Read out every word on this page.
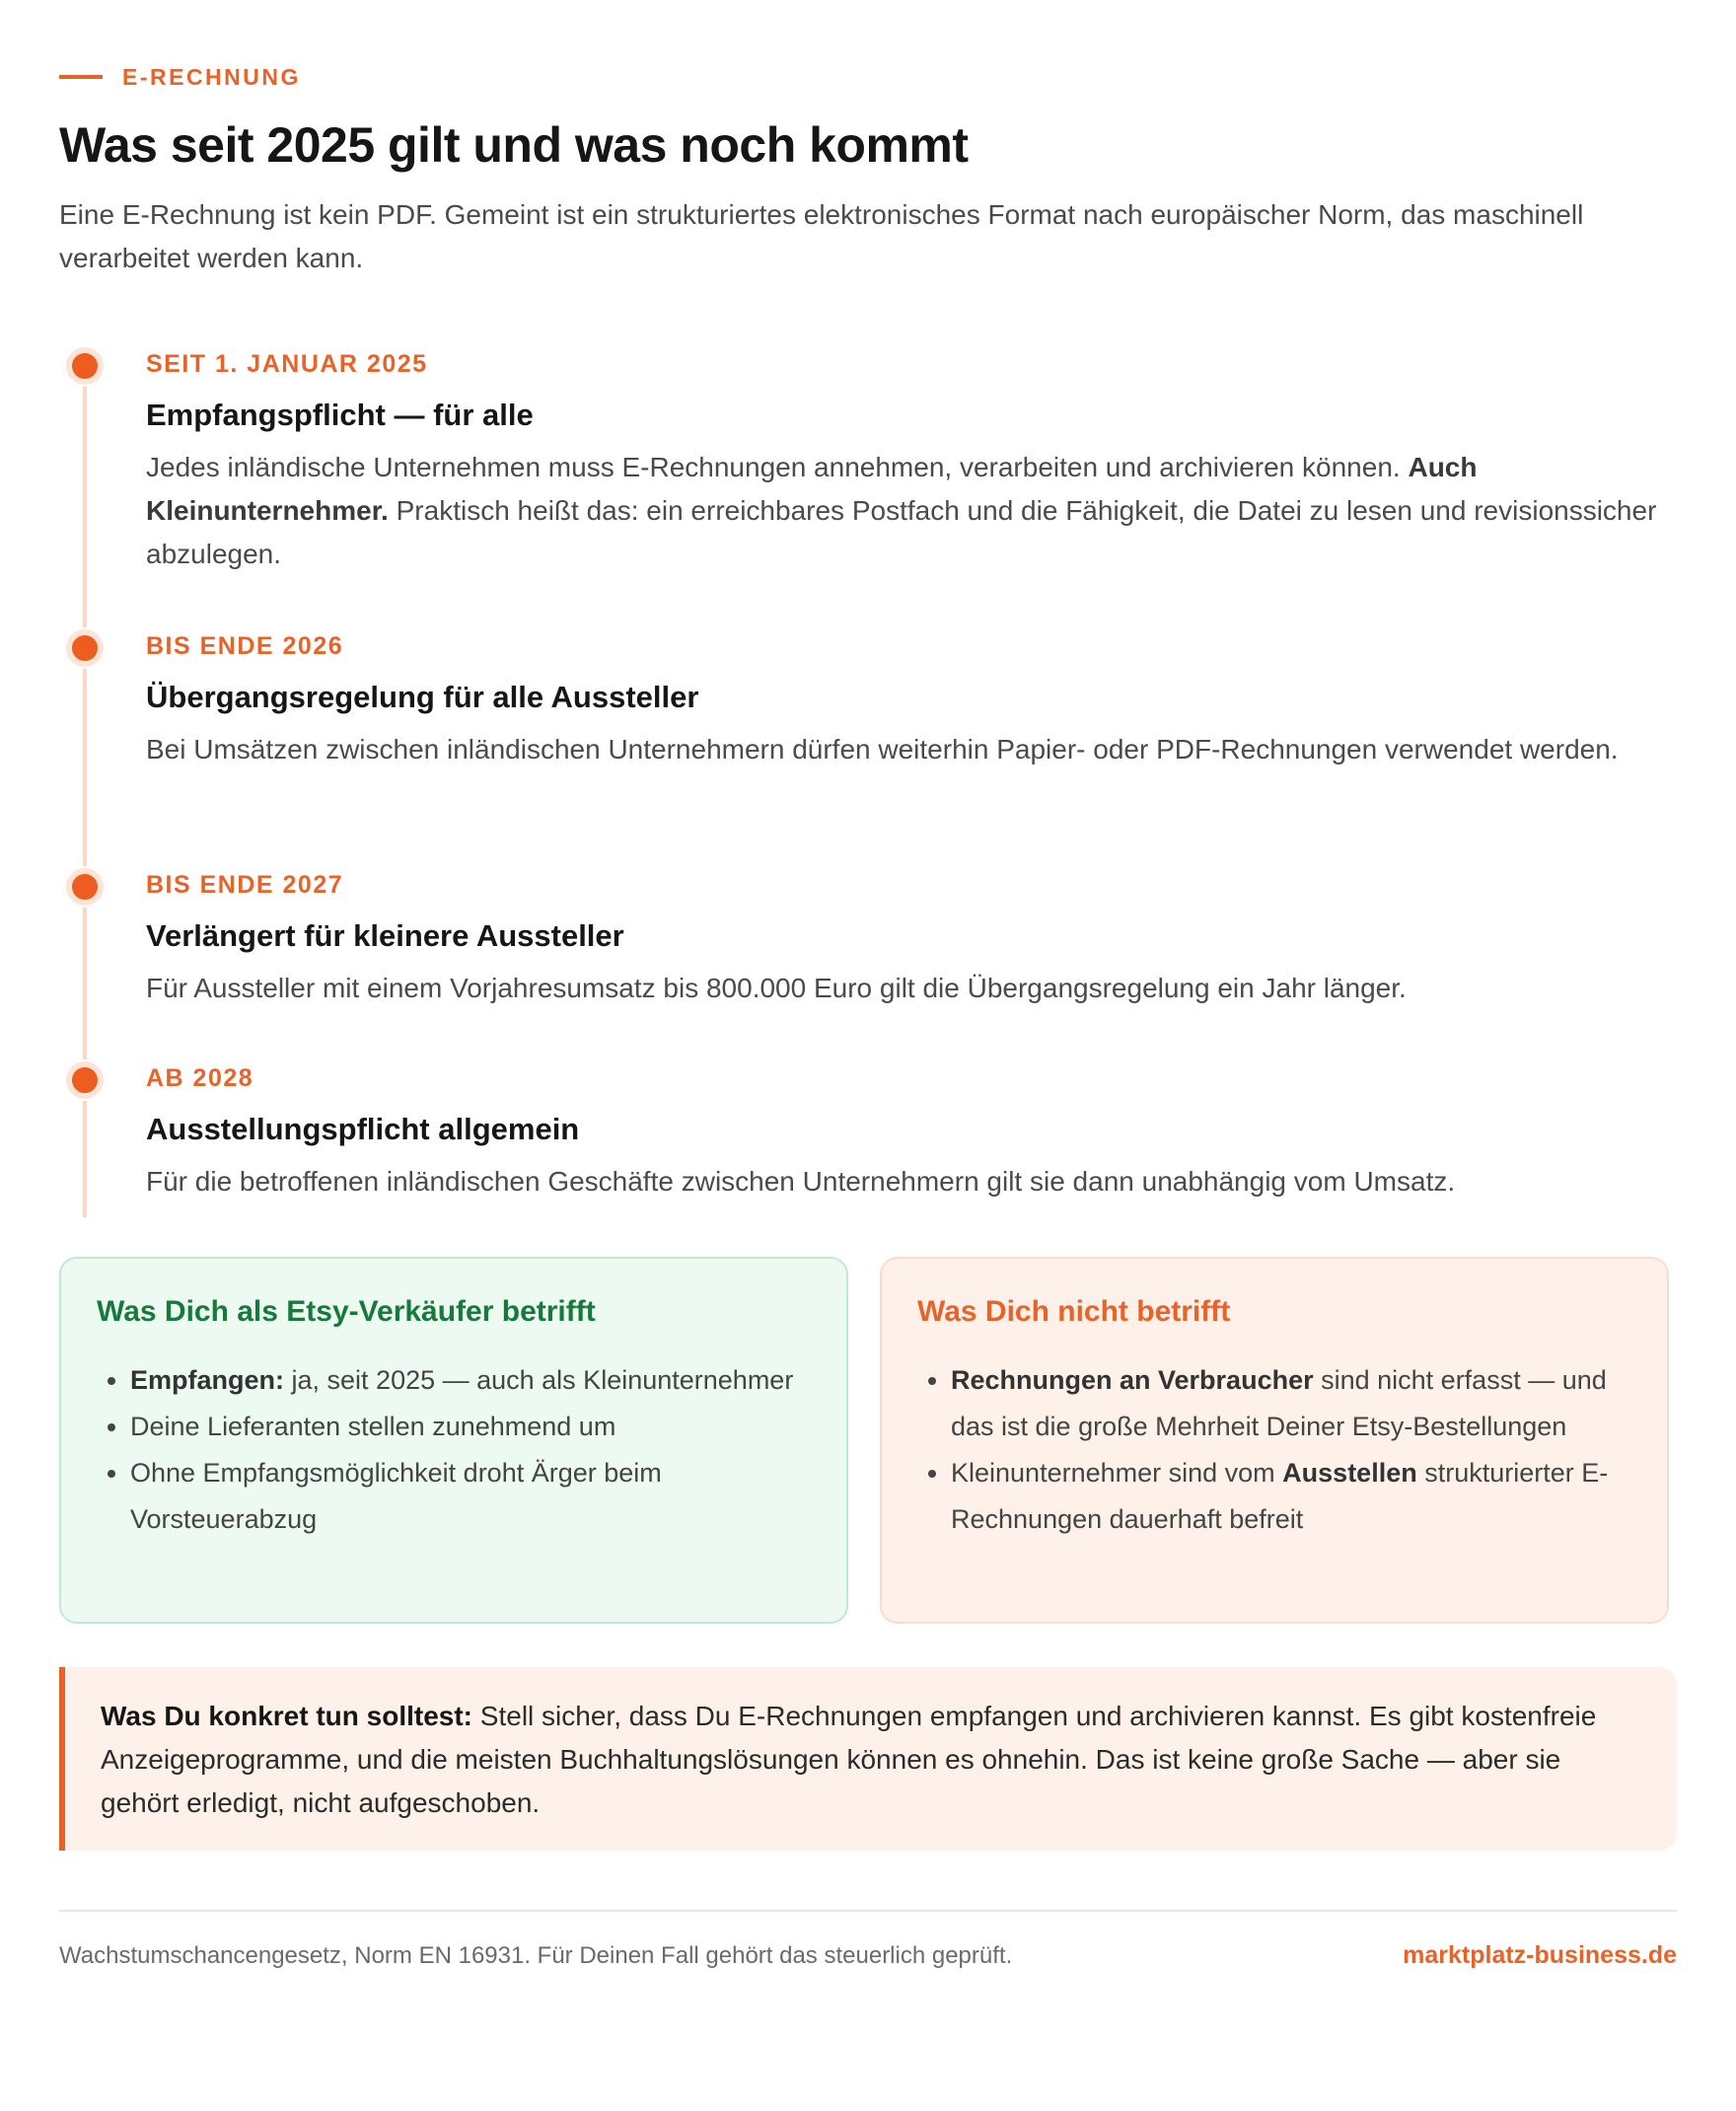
E-RECHNUNG
Was seit 2025 gilt und was noch kommt

Eine E-Rechnung ist kein PDF. Gemeint ist ein strukturiertes elektronisches Format nach europäischer Norm, das maschinell verarbeitet werden kann.

SEIT 1. JANUAR 2025
Empfangspflicht — für alle
Jedes inländische Unternehmen muss E-Rechnungen annehmen, verarbeiten und archivieren können. Auch Kleinunternehmer. Praktisch heißt das: ein erreichbares Postfach und die Fähigkeit, die Datei zu lesen und revisionssicher abzulegen.
BIS ENDE 2026
Übergangsregelung für alle Aussteller
Bei Umsätzen zwischen inländischen Unternehmern dürfen weiterhin Papier- oder PDF-Rechnungen verwendet werden.
BIS ENDE 2027
Verlängert für kleinere Aussteller
Für Aussteller mit einem Vorjahresumsatz bis 800.000 Euro gilt die Übergangsregelung ein Jahr länger.
AB 2028
Ausstellungspflicht allgemein
Für die betroffenen inländischen Geschäfte zwischen Unternehmern gilt sie dann unabhängig vom Umsatz.
Was Dich als Etsy-Verkäufer betrifft
• Empfangen: ja, seit 2025 — auch als Kleinunternehmer
• Deine Lieferanten stellen zunehmend um
• Ohne Empfangsmöglichkeit droht Ärger beim Vorsteuerabzug
Was Dich nicht betrifft
• Rechnungen an Verbraucher sind nicht erfasst — und das ist die große Mehrheit Deiner Etsy-Bestellungen
• Kleinunternehmer sind vom Ausstellen strukturierter E-Rechnungen dauerhaft befreit
Was Du konkret tun solltest: Stell sicher, dass Du E-Rechnungen empfangen und archivieren kannst. Es gibt kostenfreie Anzeigeprogramme, und die meisten Buchhaltungslösungen können es ohnehin. Das ist keine große Sache — aber sie gehört erledigt, nicht aufgeschoben.
Wachstumschancengesetz, Norm EN 16931. Für Deinen Fall gehört das steuerlich geprüft.	marktplatz-business.de
